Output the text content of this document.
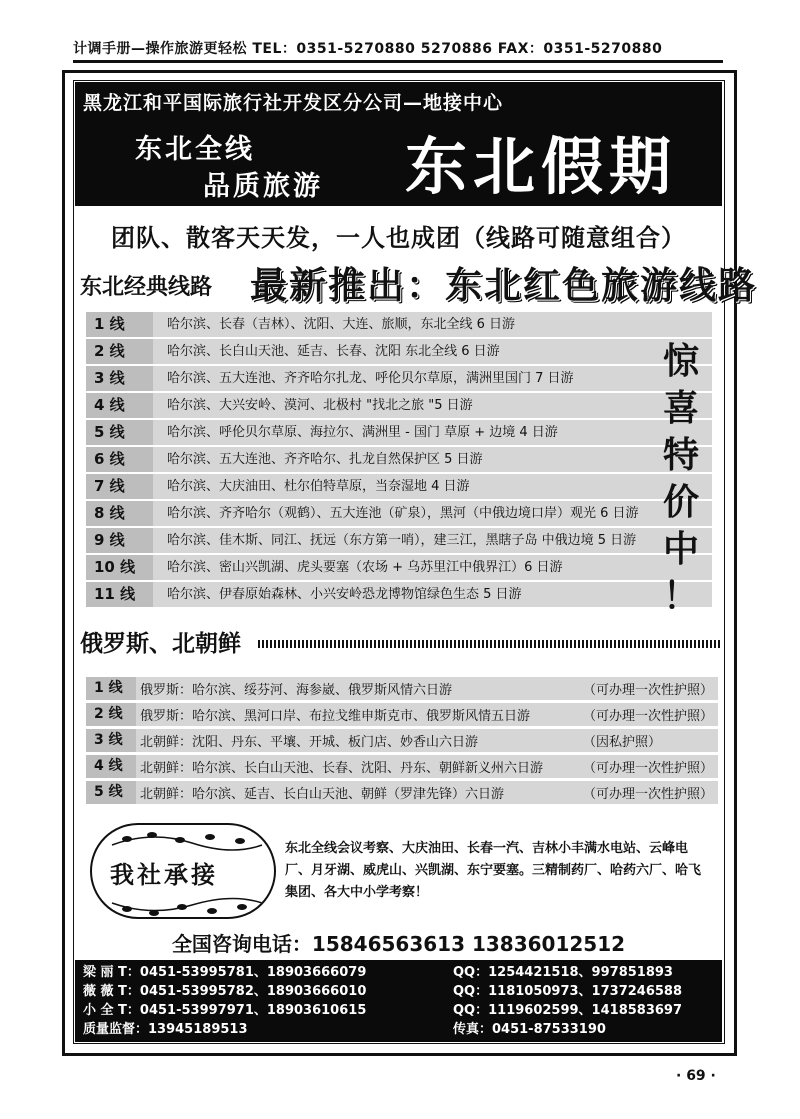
计调手册—操作旅游更轻松 TEL：0351-5270880 5270886 FAX：0351-5270880
黑龙江和平国际旅行社开发区分公司—地接中心
东北全线
品质旅游 东北假期
团队、散客天天发，一人也成团（线路可随意组合）
东北经典线路 最新推出：东北红色旅游线路
1 线	哈尔滨、长春（吉林）、沈阳、大连、旅顺，东北全线 6 日游
2 线	哈尔滨、长白山天池、延吉、长春、沈阳 东北全线 6 日游
3 线	哈尔滨、五大连池、齐齐哈尔扎龙、呼伦贝尔草原，满洲里国门 7 日游
4 线	哈尔滨、大兴安岭、漠河、北极村 "找北之旅 "5 日游
5 线	哈尔滨、呼伦贝尔草原、海拉尔、满洲里 - 国门 草原 + 边境 4 日游
6 线	哈尔滨、五大连池、齐齐哈尔、扎龙自然保护区 5 日游
7 线	哈尔滨、大庆油田、杜尔伯特草原，当奈湿地 4 日游
8 线	哈尔滨、齐齐哈尔（观鹤）、五大连池（矿泉），黑河（中俄边境口岸）观光 6 日游
9 线	哈尔滨、佳木斯、同江、抚远（东方第一哨），建三江，黑瞎子岛 中俄边境 5 日游
10 线	哈尔滨、密山兴凯湖、虎头要塞（农场 + 乌苏里江中俄界江）6 日游
11 线	哈尔滨、伊春原始森林、小兴安岭恐龙博物馆绿色生态 5 日游
惊
喜
特
价
中
！
俄罗斯、北朝鲜
1 线	俄罗斯：哈尔滨、绥芬河、海参崴、俄罗斯风情六日游	（可办理一次性护照）
2 线	俄罗斯：哈尔滨、黑河口岸、布拉戈维申斯克市、俄罗斯风情五日游	（可办理一次性护照）
3 线	北朝鲜：沈阳、丹东、平壤、开城、板门店、妙香山六日游	（因私护照）
4 线	北朝鲜：哈尔滨、长白山天池、长春、沈阳、丹东、朝鲜新义州六日游	（可办理一次性护照）
5 线	北朝鲜：哈尔滨、延吉、长白山天池、朝鲜（罗津先锋）六日游	（可办理一次性护照）
我社承接
东北全线会议考察、大庆油田、长春一汽、吉林小丰满水电站、云峰电厂、月牙湖、威虎山、兴凯湖、东宁要塞。三精制药厂、哈药六厂、哈飞集团、各大中小学考察！
全国咨询电话：15846563613 13836012512
梁 丽 T：0451-53995781、18903666079	QQ：1254421518、997851893
薇 薇 T：0451-53995782、18903666010	QQ：1181050973、1737246588
小 全 T：0451-53997971、18903610615	QQ：1119602599、1418583697
质量监督：13945189513	传真：0451-87533190
· 69 ·
